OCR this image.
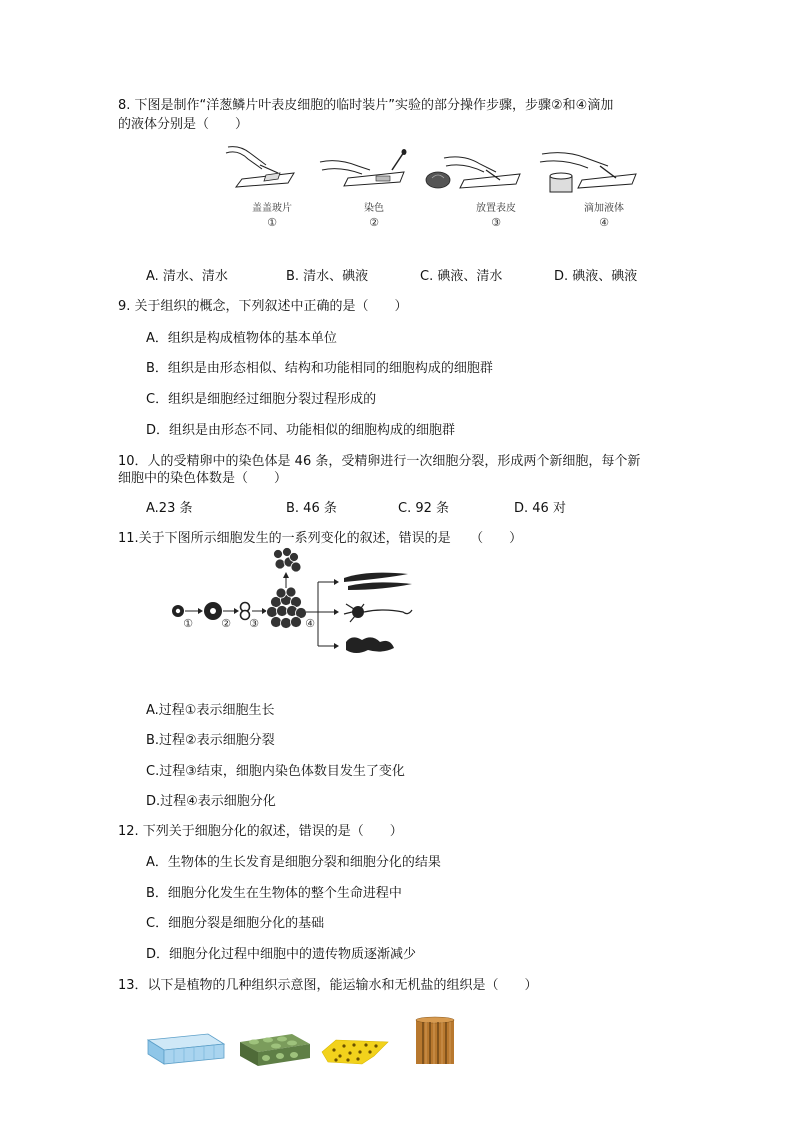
8. 下图是制作“洋葱鳞片叶表皮细胞的临时装片”实验的部分操作步骤，步骤②和④滴加
的液体分别是（　　）
盖盖玻片
①
染色
②
放置表皮
③
滴加液体
④
A. 清水、清水	B. 清水、碘液	C. 碘液、清水	D. 碘液、碘液
9. 关于组织的概念，下列叙述中正确的是（　　）
A．组织是构成植物体的基本单位
B．组织是由形态相似、结构和功能相同的细胞构成的细胞群
C．组织是细胞经过细胞分裂过程形成的
D．组织是由形态不同、功能相似的细胞构成的细胞群
10．人的受精卵中的染色体是 46 条，受精卵进行一次细胞分裂，形成两个新细胞，每个新
细胞中的染色体数是（　　）
A.23 条	B. 46 条	C. 92 条	D. 46 对
11.关于下图所示细胞发生的一系列变化的叙述，错误的是　　（　　）
①	②	③	④
A.过程①表示细胞生长
B.过程②表示细胞分裂
C.过程③结束，细胞内染色体数目发生了变化
D.过程④表示细胞分化
12. 下列关于细胞分化的叙述，错误的是（　　）
A．生物体的生长发育是细胞分裂和细胞分化的结果
B．细胞分化发生在生物体的整个生命进程中
C．细胞分裂是细胞分化的基础
D．细胞分化过程中细胞中的遗传物质逐渐减少
13．以下是植物的几种组织示意图，能运输水和无机盐的组织是（　　）
